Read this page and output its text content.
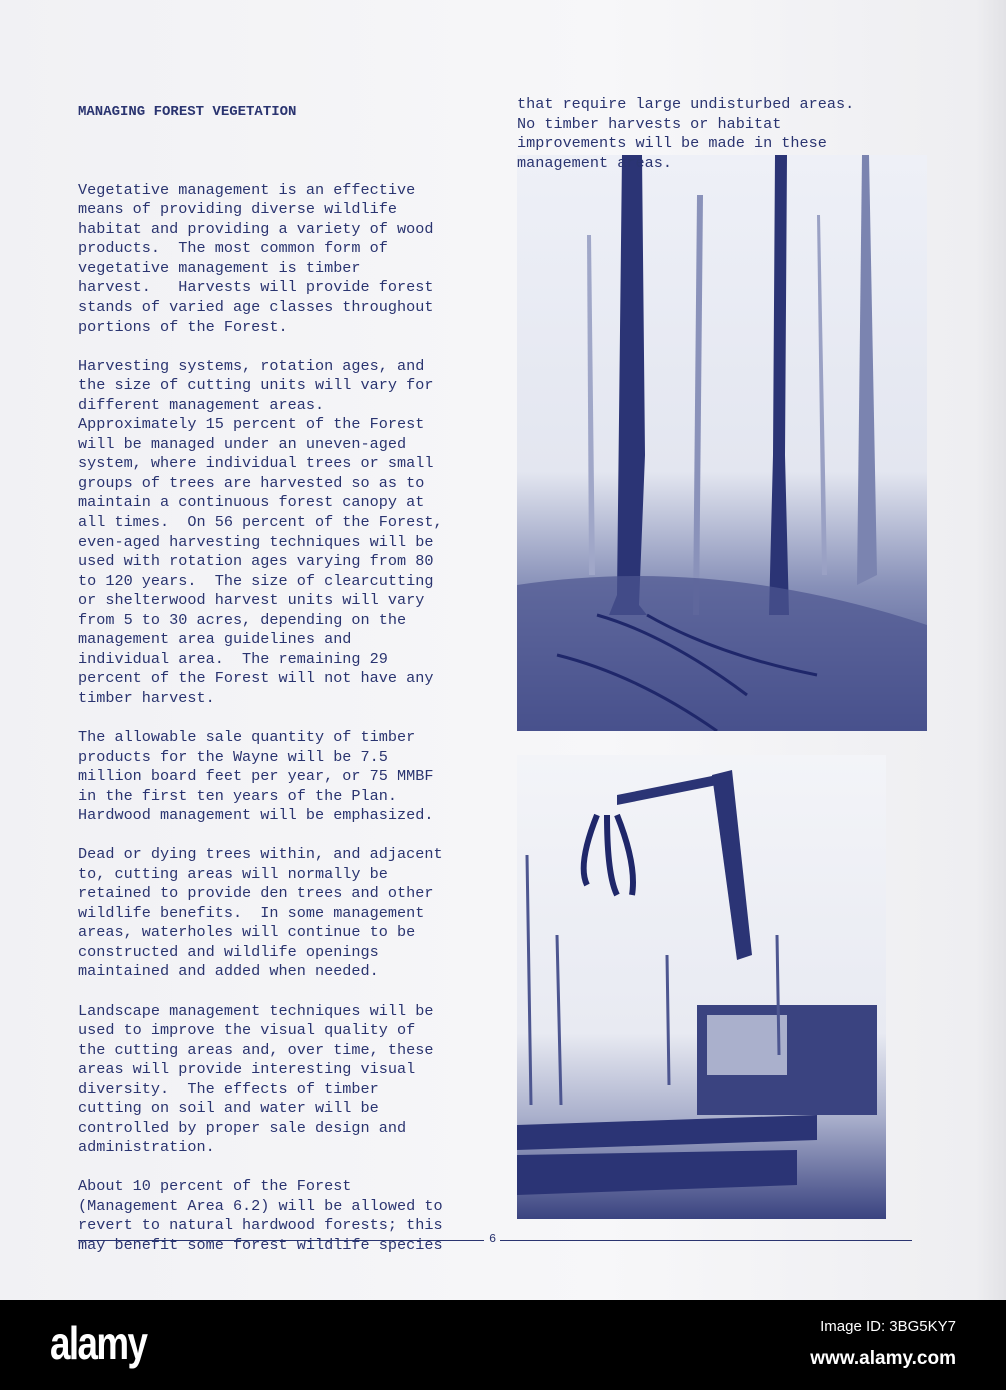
MANAGING FOREST VEGETATION

Vegetative management is an effective
means of providing diverse wildlife
habitat and providing a variety of wood
products.  The most common form of
vegetative management is timber
harvest.   Harvests will provide forest
stands of varied age classes throughout
portions of the Forest.
Harvesting systems, rotation ages, and
the size of cutting units will vary for
different management areas.
Approximately 15 percent of the Forest
will be managed under an uneven-aged
system, where individual trees or small
groups of trees are harvested so as to
maintain a continuous forest canopy at
all times.  On 56 percent of the Forest,
even-aged harvesting techniques will be
used with rotation ages varying from 80
to 120 years.  The size of clearcutting
or shelterwood harvest units will vary
from 5 to 30 acres, depending on the
management area guidelines and
individual area.  The remaining 29
percent of the Forest will not have any
timber harvest.
The allowable sale quantity of timber
products for the Wayne will be 7.5
million board feet per year, or 75 MMBF
in the first ten years of the Plan.
Hardwood management will be emphasized.
Dead or dying trees within, and adjacent
to, cutting areas will normally be
retained to provide den trees and other
wildlife benefits.  In some management
areas, waterholes will continue to be
constructed and wildlife openings
maintained and added when needed.
Landscape management techniques will be
used to improve the visual quality of
the cutting areas and, over time, these
areas will provide interesting visual
diversity.  The effects of timber
cutting on soil and water will be
controlled by proper sale design and
administration.
About 10 percent of the Forest
(Management Area 6.2) will be allowed to
revert to natural hardwood forests; this
may benefit some forest wildlife species

that require large undisturbed areas.
No timber harvests or habitat
improvements will be made in these
management areas.

6
alamy	Image ID: 3BG5KY7
www.alamy.com
